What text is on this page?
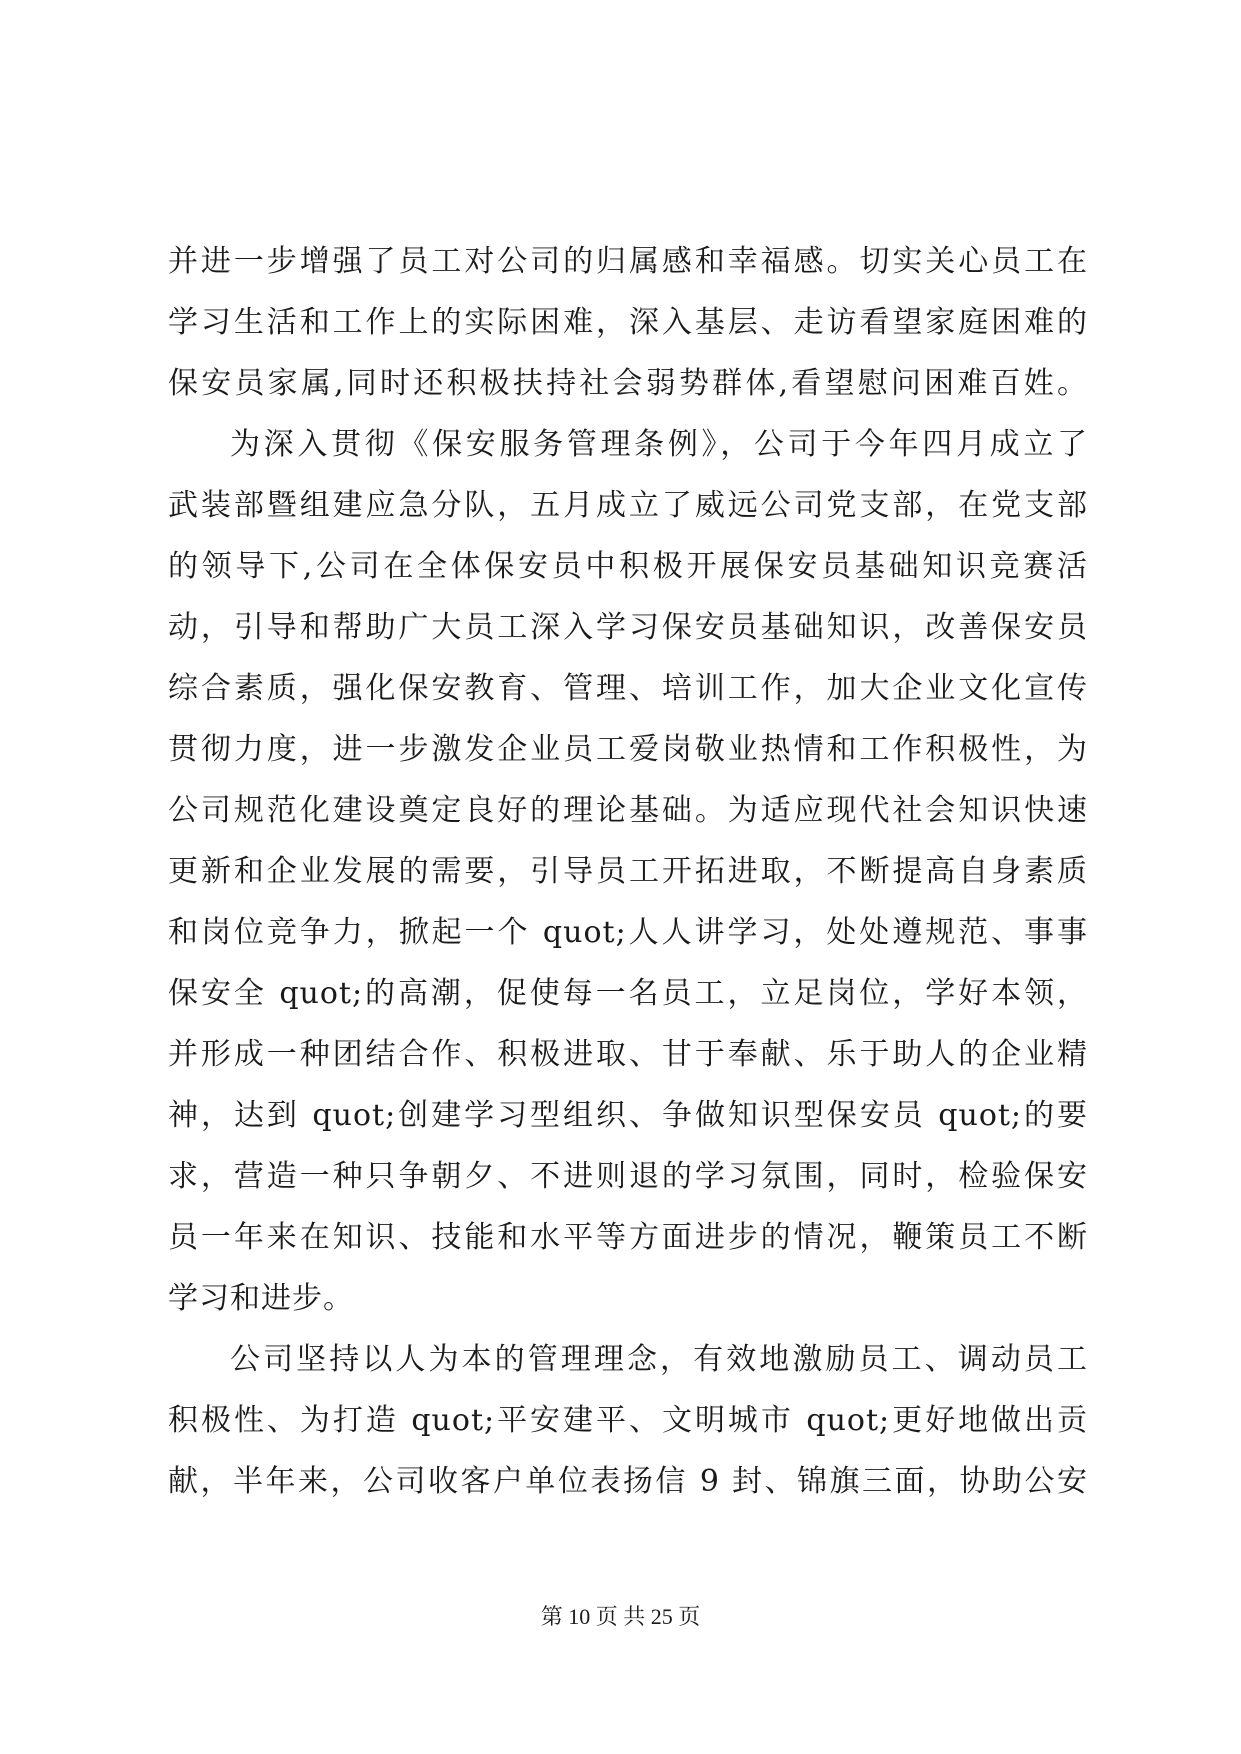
并进一步增强了员工对公司的归属感和幸福感。切实关心员工在
学习生活和工作上的实际困难，深入基层、走访看望家庭困难的
保安员家属,同时还积极扶持社会弱势群体,看望慰问困难百姓。
为深入贯彻《保安服务管理条例》，公司于今年四月成立了
武装部暨组建应急分队，五月成立了威远公司党支部，在党支部
的领导下,公司在全体保安员中积极开展保安员基础知识竞赛活
动，引导和帮助广大员工深入学习保安员基础知识，改善保安员
综合素质，强化保安教育、管理、培训工作，加大企业文化宣传
贯彻力度，进一步激发企业员工爱岗敬业热情和工作积极性，为
公司规范化建设奠定良好的理论基础。为适应现代社会知识快速
更新和企业发展的需要，引导员工开拓进取，不断提高自身素质
和岗位竞争力，掀起一个 quot;人人讲学习，处处遵规范、事事
保安全 quot;的高潮，促使每一名员工，立足岗位，学好本领，
并形成一种团结合作、积极进取、甘于奉献、乐于助人的企业精
神，达到 quot;创建学习型组织、争做知识型保安员 quot;的要
求，营造一种只争朝夕、不进则退的学习氛围，同时，检验保安
员一年来在知识、技能和水平等方面进步的情况，鞭策员工不断
学习和进步。
公司坚持以人为本的管理理念，有效地激励员工、调动员工
积极性、为打造 quot;平安建平、文明城市 quot;更好地做出贡
献，半年来，公司收客户单位表扬信 9 封、锦旗三面，协助公安
第 10 页 共 25 页
